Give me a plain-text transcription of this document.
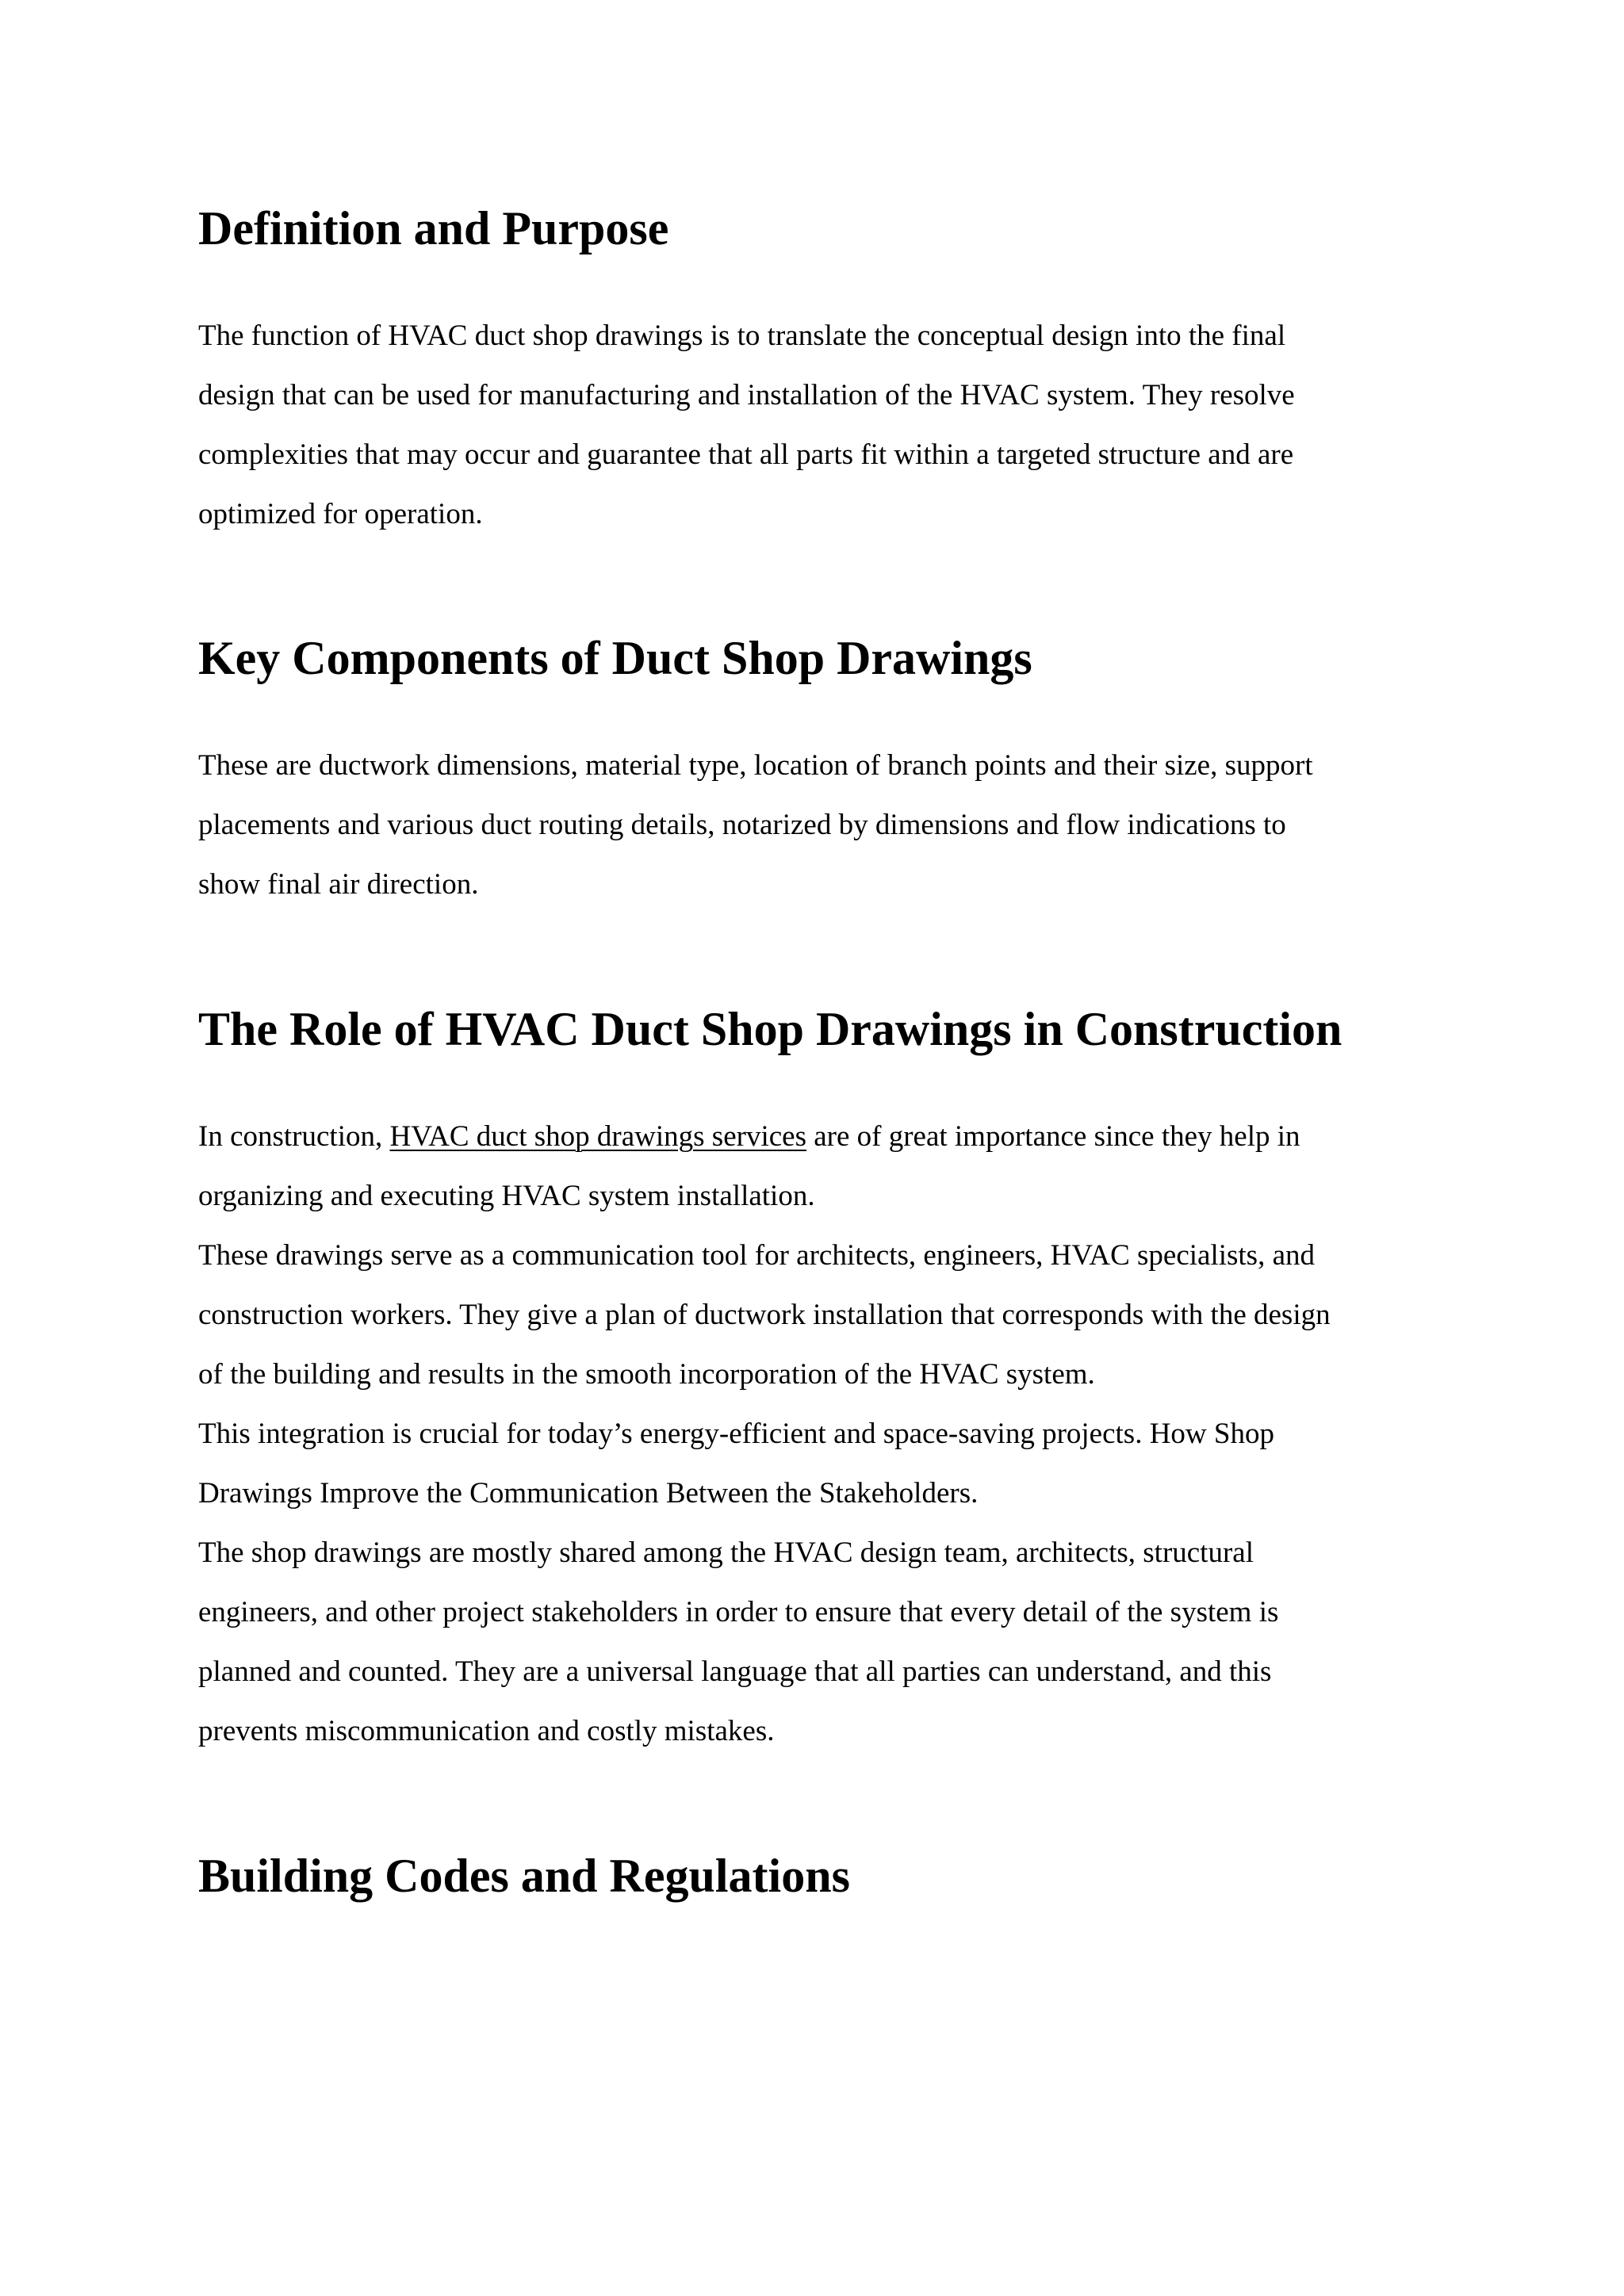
Definition and Purpose

The function of HVAC duct shop drawings is to translate the conceptual design into the final
design that can be used for manufacturing and installation of the HVAC system. They resolve
complexities that may occur and guarantee that all parts fit within a targeted structure and are
optimized for operation.

Key Components of Duct Shop Drawings

These are ductwork dimensions, material type, location of branch points and their size, support
placements and various duct routing details, notarized by dimensions and flow indications to
show final air direction.

The Role of HVAC Duct Shop Drawings in Construction

In construction, HVAC duct shop drawings services are of great importance since they help in
organizing and executing HVAC system installation.
These drawings serve as a communication tool for architects, engineers, HVAC specialists, and
construction workers. They give a plan of ductwork installation that corresponds with the design
of the building and results in the smooth incorporation of the HVAC system.
This integration is crucial for today’s energy-efficient and space-saving projects. How Shop
Drawings Improve the Communication Between the Stakeholders.
The shop drawings are mostly shared among the HVAC design team, architects, structural
engineers, and other project stakeholders in order to ensure that every detail of the system is
planned and counted. They are a universal language that all parties can understand, and this
prevents miscommunication and costly mistakes.

Building Codes and Regulations
